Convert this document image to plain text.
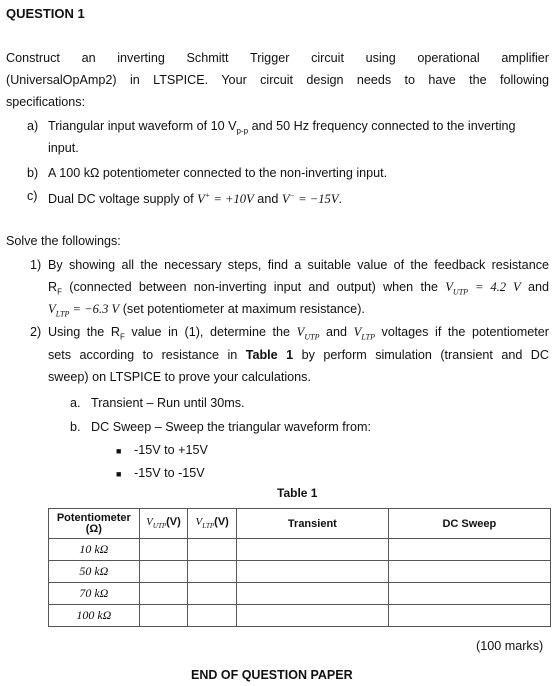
QUESTION 1
Construct an inverting Schmitt Trigger circuit using operational amplifier
(UniversalOpAmp2) in LTSPICE. Your circuit design needs to have the following
specifications:
a) Triangular input waveform of 10 $V_{p-p}$ and 50 Hz frequency connected to the inverting
input.
b) A 100 kΩ potentiometer connected to the non-inverting input.
c) Dual DC voltage supply of V+ = +10V and V− = −15V.
Solve the followings:
1) By showing all the necessary steps, find a suitable value of the feedback resistance
$R_F$ (connected between non-inverting input and output) when the $V_{UTP} = 4.2$ V and
$V_{LTP} = -6.3$ V (set potentiometer at maximum resistance).
2) Using the $R_F$ value in (1), determine the $V_{UTP}$ and $V_{LTP}$ voltages if the potentiometer
sets according to resistance in Table 1 by perform simulation (transient and DC
sweep) on LTSPICE to prove your calculations.
a. Transient – Run until 30ms.
b. DC Sweep – Sweep the triangular waveform from:
■ -15V to +15V
■ -15V to -15V
Table 1
Potentiometer
(Ω)	$V_{UTP}(V)$	$V_{LTP}(V)$	Transient	DC Sweep
10 kΩ				
50 kΩ				
70 kΩ				
100 kΩ				
(100 marks)
END OF QUESTION PAPER
